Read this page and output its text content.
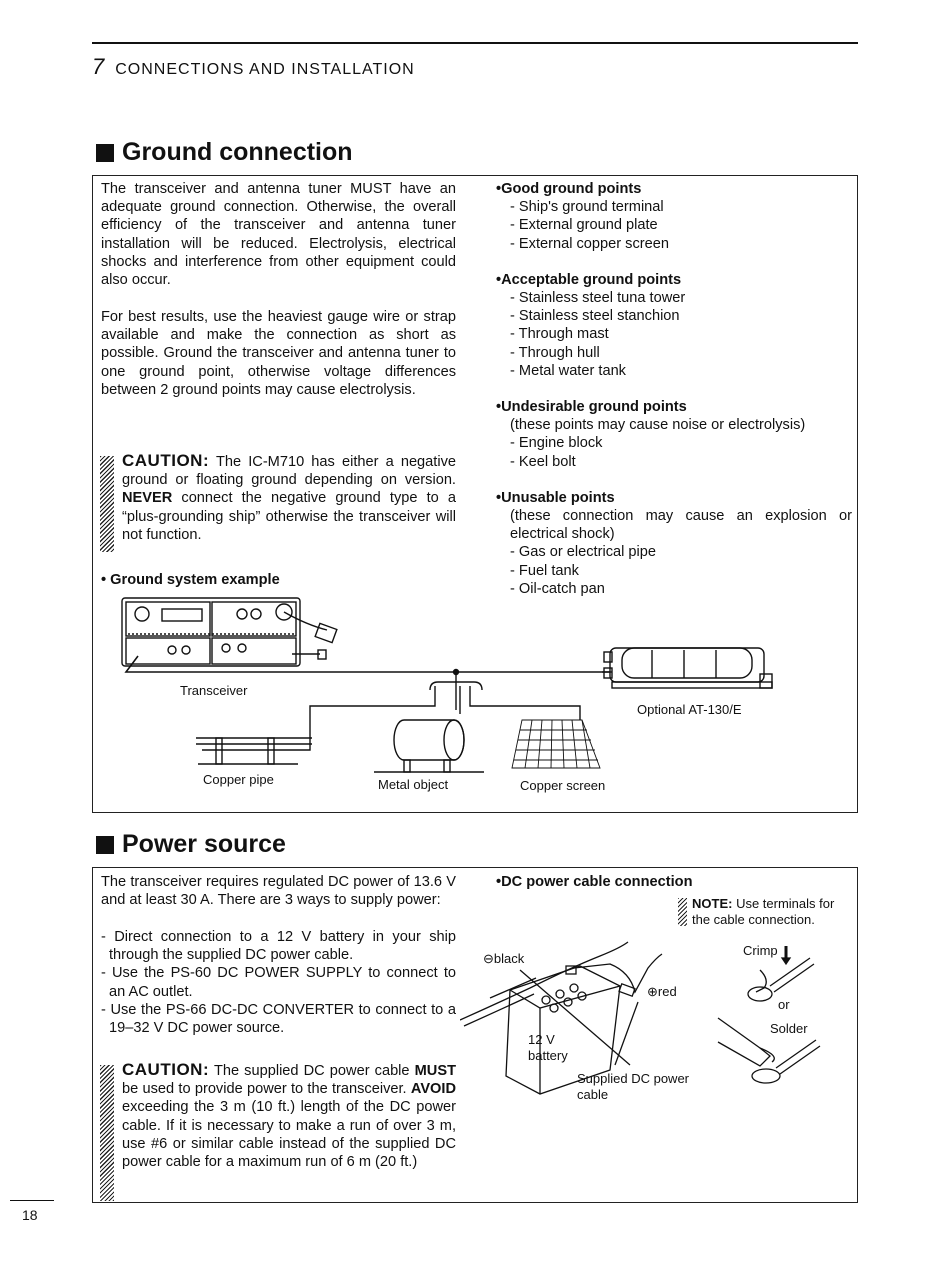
7 CONNECTIONS AND INSTALLATION
Ground connection

The transceiver and antenna tuner MUST have an adequate ground connection. Otherwise, the overall efficiency of the transceiver and antenna tuner installation will be reduced. Electrolysis, electrical shocks and interference from other equipment could also occur.

For best results, use the heaviest gauge wire or strap available and make the connection as short as possible. Ground the transceiver and antenna tuner to one ground point, otherwise voltage differences between 2 ground points may cause electrolysis.

CAUTION: The IC-M710 has either a negative ground or floating ground depending on version. NEVER connect the negative ground type to a “plus-grounding ship” otherwise the transceiver will not function.
• Ground system example
• Good ground points
- Ship's ground terminal
- External ground plate
- External copper screen
• Acceptable ground points
- Stainless steel tuna tower
- Stainless steel stanchion
- Through mast
- Through hull
- Metal water tank
• Undesirable ground points
(these points may cause noise or electrolysis)
- Engine block
- Keel bolt
• Unusable points
(these connection may cause an explosion or electrical shock)
- Gas or electrical pipe
- Fuel tank
- Oil-catch pan
Transceiver
Optional AT-130/E
Copper pipe	Metal object	Copper screen
Power source

The transceiver requires regulated DC power of 13.6 V and at least 30 A. There are 3 ways to supply power:

- Direct connection to a 12 V battery in your ship through the supplied DC power cable.
- Use the PS-60 DC POWER SUPPLY to connect to an AC outlet.
- Use the PS-66 DC-DC CONVERTER to connect to a 19–32 V DC power source.
CAUTION: The supplied DC power cable MUST be used to provide power to the transceiver. AVOID exceeding the 3 m (10 ft.) length of the DC power cable. If it is necessary to make a run of over 3 m, use #6 or similar cable instead of the supplied DC power cable for a maximum run of 6 m (20 ft.)
• DC power cable connection
NOTE: Use terminals for the cable connection.
⊖black
⊕red
12 V battery
Supplied DC power cable
Crimp
or
Solder
18
